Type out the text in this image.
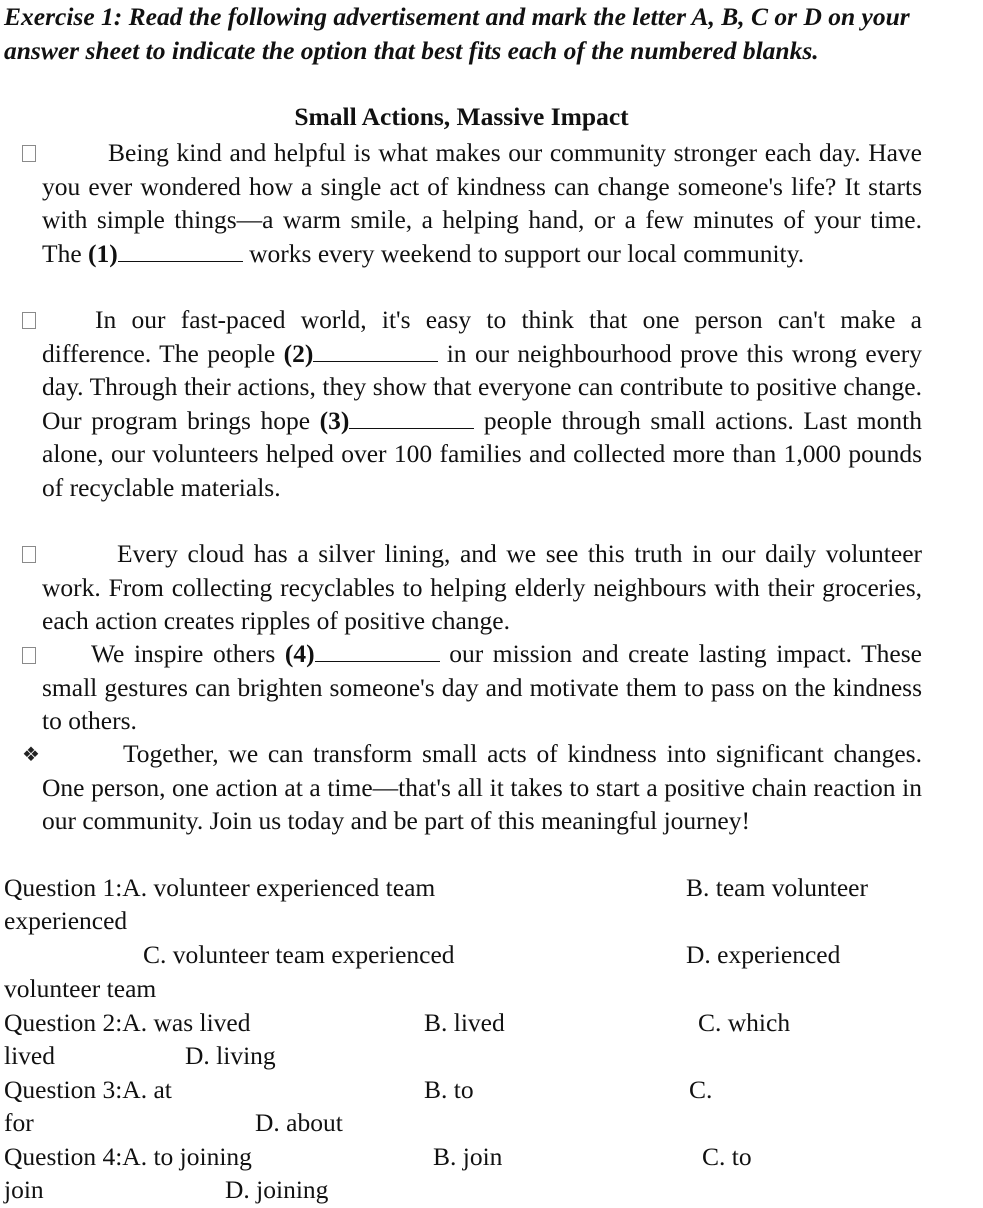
Exercise 1: Read the following advertisement and mark the letter A, B, C or D on your answer sheet to indicate the option that best fits each of the numbered blanks.
Small Actions, Massive Impact
Being kind and helpful is what makes our community stronger each day. Have you ever wondered how a single act of kindness can change someone's life? It starts with simple things—a warm smile, a helping hand, or a few minutes of your time. The (1)	works every weekend to support our local community.
In our fast-paced world, it's easy to think that one person can't make a difference. The people (2)	in our neighbourhood prove this wrong every day. Through their actions, they show that everyone can contribute to positive change. Our program brings hope (3)	people through small actions. Last month alone, our volunteers helped over 100 families and collected more than 1,000 pounds of recyclable materials.
Every cloud has a silver lining, and we see this truth in our daily volunteer work. From collecting recyclables to helping elderly neighbours with their groceries, each action creates ripples of positive change.
We inspire others (4)	our mission and create lasting impact. These small gestures can brighten someone's day and motivate them to pass on the kindness to others.
❖	Together, we can transform small acts of kindness into significant changes. One person, one action at a time—that's all it takes to start a positive chain reaction in our community. Join us today and be part of this meaningful journey!
Question 1:A. volunteer experienced team	B. team volunteer
experienced
C. volunteer team experienced	D. experienced
volunteer team
Question 2:A. was lived	B. lived	C. which
lived	D. living
Question 3:A. at	B. to	C.
for	D. about
Question 4:A. to joining	B. join	C. to
join	D. joining
